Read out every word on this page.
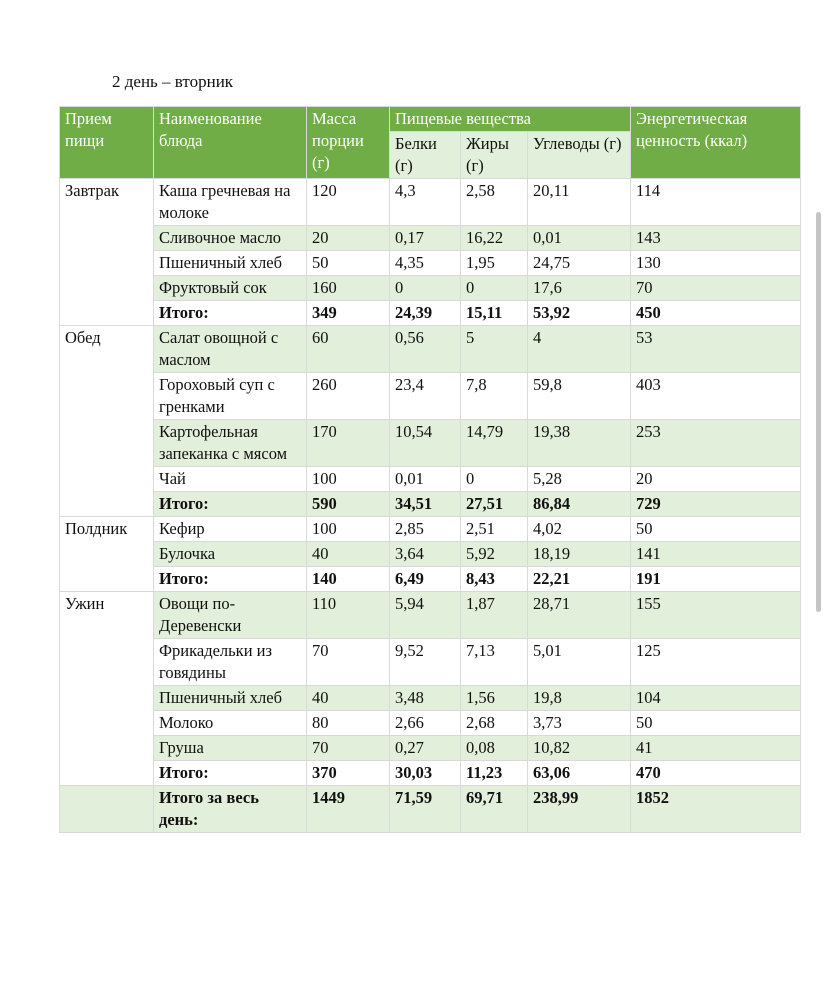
2 день – вторник
Прием пищи	Наименование блюда	Масса порции (г)	Пищевые вещества			Энергетическая ценность (ккал)
			Белки (г)	Жиры (г)	Углеводы (г)	
Завтрак	Каша гречневая на молоке	120	4,3	2,58	20,11	114
	Сливочное масло	20	0,17	16,22	0,01	143
	Пшеничный хлеб	50	4,35	1,95	24,75	130
	Фруктовый сок	160	0	0	17,6	70
	Итого:	349	24,39	15,11	53,92	450
Обед	Салат овощной с маслом	60	0,56	5	4	53
	Гороховый суп с гренками	260	23,4	7,8	59,8	403
	Картофельная запеканка с мясом	170	10,54	14,79	19,38	253
	Чай	100	0,01	0	5,28	20
	Итого:	590	34,51	27,51	86,84	729
Полдник	Кефир	100	2,85	2,51	4,02	50
	Булочка	40	3,64	5,92	18,19	141
	Итого:	140	6,49	8,43	22,21	191
Ужин	Овощи по-Деревенски	110	5,94	1,87	28,71	155
	Фрикадельки из говядины	70	9,52	7,13	5,01	125
	Пшеничный хлеб	40	3,48	1,56	19,8	104
	Молоко	80	2,66	2,68	3,73	50
	Груша	70	0,27	0,08	10,82	41
	Итого:	370	30,03	11,23	63,06	470
	Итого за весь день:	1449	71,59	69,71	238,99	1852
